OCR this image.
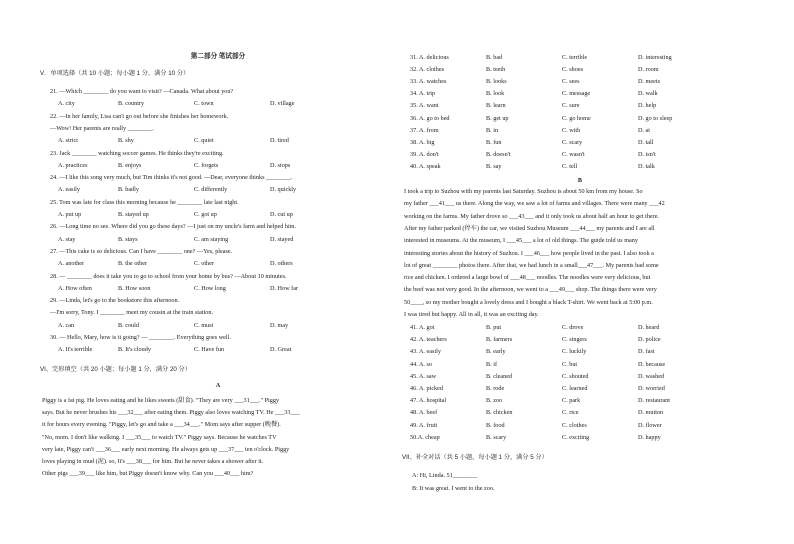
第二部分 笔试部分
V．单项选择（共 10 小题；每小题 1 分，满分 10 分）
21. —Which ________ do you want to visit? —Canada. What about you?
A. city	B. country	C. town	D. village
22. —In her family, Lisa can't go out before she finishes her homework.
—Wow! Her parents are really ________.
A. strict	B. shy	C. quiet	D. tired
23. Jack ________ watching soccer games. He thinks they're exciting.
A. practices	B. enjoys	C. forgets	D. stops
24. —I like this song very much, but Tim thinks it's not good. —Dear, everyone thinks ________.
A. easily	B. badly	C. differently	D. quickly
25. Tom was late for class this morning because he ________ late last night.
A. put up	B. stayed up	C. got up	D. cut up
26. —Long time no see. Where did you go these days? —I just on my uncle's farm and helped him.
A. stay	B. stays	C. am staying	D. stayed
27. —This cake is so delicious. Can I have ________ one? —Yes, please.
A. another	B. the other	C. other	D. others
28. — ________ does it take you to go to school from your home by bus? —About 10 minutes.
A. How often	B. How soon	C. How long	D. How far
29. —Linda, let's go to the bookstore this afternoon.
—I'm sorry, Tony. I ________ meet my cousin at the train station.
A. can	B. could	C. must	D. may
30. — Hello, Mary, how is it going? — ________. Everything goes well.
A. It's terrible	B. It's cloudy	C. Have fun	D. Great
VI、完形填空（共 20 小题；每小题 1 分，满分 20 分）
A
Piggy is a fat pig. He loves eating and he likes sweets (甜食). "They are very ___31___." Piggy
says. But he never brushes his ___32___ after eating them. Piggy also loves watching TV. He ___33___
it for hours every evening. "Piggy, let's go and take a ___34___." Mom says after supper (晚餐).
"No, mom. I don't like walking. I ___35___ to watch TV." Piggy says. Because he watches TV
very late, Piggy can't ___36___ early next morning. He always gets up ___37___ ten o'clock. Piggy
loves playing in mud (泥). so, It's ___38___ for him. But he never takes a shower after it.
Other pigs ___39___ like him, but Piggy doesn't know why. Can you ___40___ him?
31. A. delicious	B. bad	C. terrible	D. interesting
32. A. clothes	B. teeth	C. shoes	D. room
33. A. watches	B. looks	C. sees	D. meets
34. A. trip	B. look	C. message	D. walk
35. A. want	B. learn	C. sure	D. help
36. A. go to bed	B. get up	C. go home	D. go to sleep
37. A. from	B. in	C. with	D. at
38. A. big	B. fun	C. scary	D. tall
39. A. don't	B. doesn't	C. wasn't	D. isn't
40. A. speak	B. say	C. tell	D. talk
B
I took a trip to Suzhou with my parents last Saturday. Suzhou is about 50 km from my house. So
my father ___41___ us there. Along the way, we saw a lot of farms and villages. There were many ___42
working on the farms. My father drove so ___43___ and it only took us about half an hour to get there.
After my father parked (停车) the car, we visited Suzhou Museum ___44___ my parents and I are all
interested in museums. At the museum, I ___45___ a lot of old things. The guide told us many
interesting stories about the history of Suzhou. I ___46___ how people lived in the past. I also took a
lot of great ________ photos there. After that, we had lunch in a small___47___. My parents had some
rice and chicken. I ordered a large bowl of ___48___ noodles. The noodles were very delicious, but
the beef was not very good. In the afternoon, we went to a ___49___ shop. The things there were very
50____, so my mother bought a lovely dress and I bought a black T-shirt. We went back at 5:00 p.m.
I was tired but happy. All in all, it was an exciting day.
41. A. got	B. put	C. drove	D. heard
42. A. teachers	B. farmers	C. singers	D. police
43. A. easily	B. early	C. luckily	D. fast
44. A. so	B. if	C. but	D. because
45. A. saw	B. cleaned	C. shouted	D. washed
46. A. picked	B. rode	C. learned	D. worried
47. A. hospital	B. zoo	C. park	D. restaurant
48. A. beef	B. chicken	C. rice	D. mutton
49. A. fruit	B. food	C. clothes	D. flower
50.A. cheap	B. scary	C. exciting	D. happy
VII、补全对话（共 5 小题，每小题 1 分，满分 5 分）
A: Hi, Linda. 51________
B: It was great. I went to the zoo.
